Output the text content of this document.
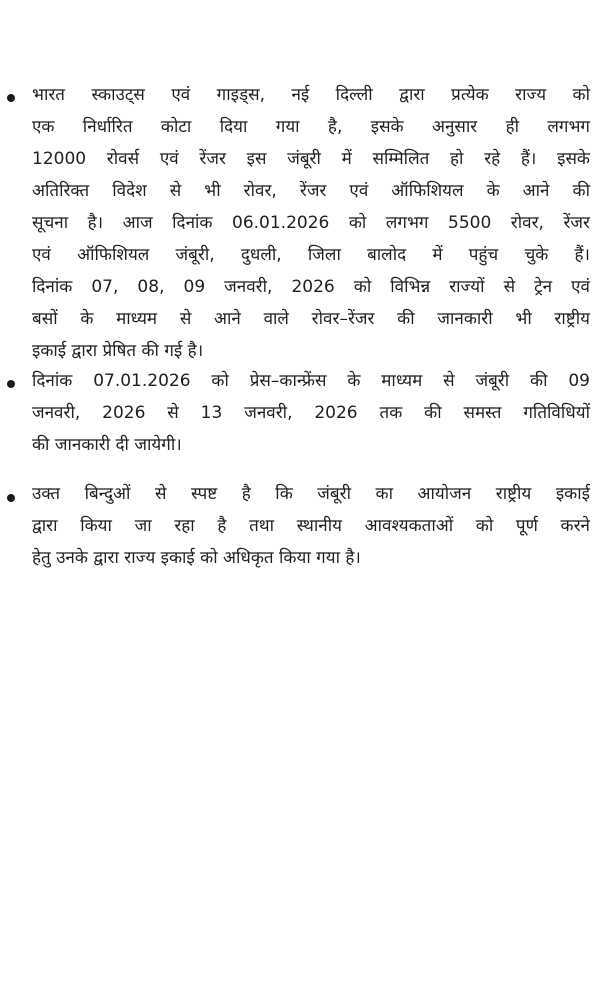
भारत स्काउट्स एवं गाइड्स, नई दिल्ली द्वारा प्रत्येक राज्य को
एक निर्धारित कोटा दिया गया है, इसके अनुसार ही लगभग
12000 रोवर्स एवं रेंजर इस जंबूरी में सम्मिलित हो रहे हैं। इसके
अतिरिक्त विदेश से भी रोवर, रेंजर एवं ऑफिशियल के आने की
सूचना है। आज दिनांक 06.01.2026 को लगभग 5500 रोवर, रेंजर
एवं ऑफिशियल जंबूरी, दुधली, जिला बालोद में पहुंच चुके हैं।
दिनांक 07, 08, 09 जनवरी, 2026 को विभिन्न राज्यों से ट्रेन एवं
बसों के माध्यम से आने वाले रोवर–रेंजर की जानकारी भी राष्ट्रीय
इकाई द्वारा प्रेषित की गई है।

दिनांक 07.01.2026 को प्रेस–कान्फ्रेंस के माध्यम से जंबूरी की 09
जनवरी, 2026 से 13 जनवरी, 2026 तक की समस्त गतिविधियों
की जानकारी दी जायेगी।

उक्त बिन्दुओं से स्पष्ट है कि जंबूरी का आयोजन राष्ट्रीय इकाई
द्वारा किया जा रहा है तथा स्थानीय आवश्यकताओं को पूर्ण करने
हेतु उनके द्वारा राज्य इकाई को अधिकृत किया गया है।
